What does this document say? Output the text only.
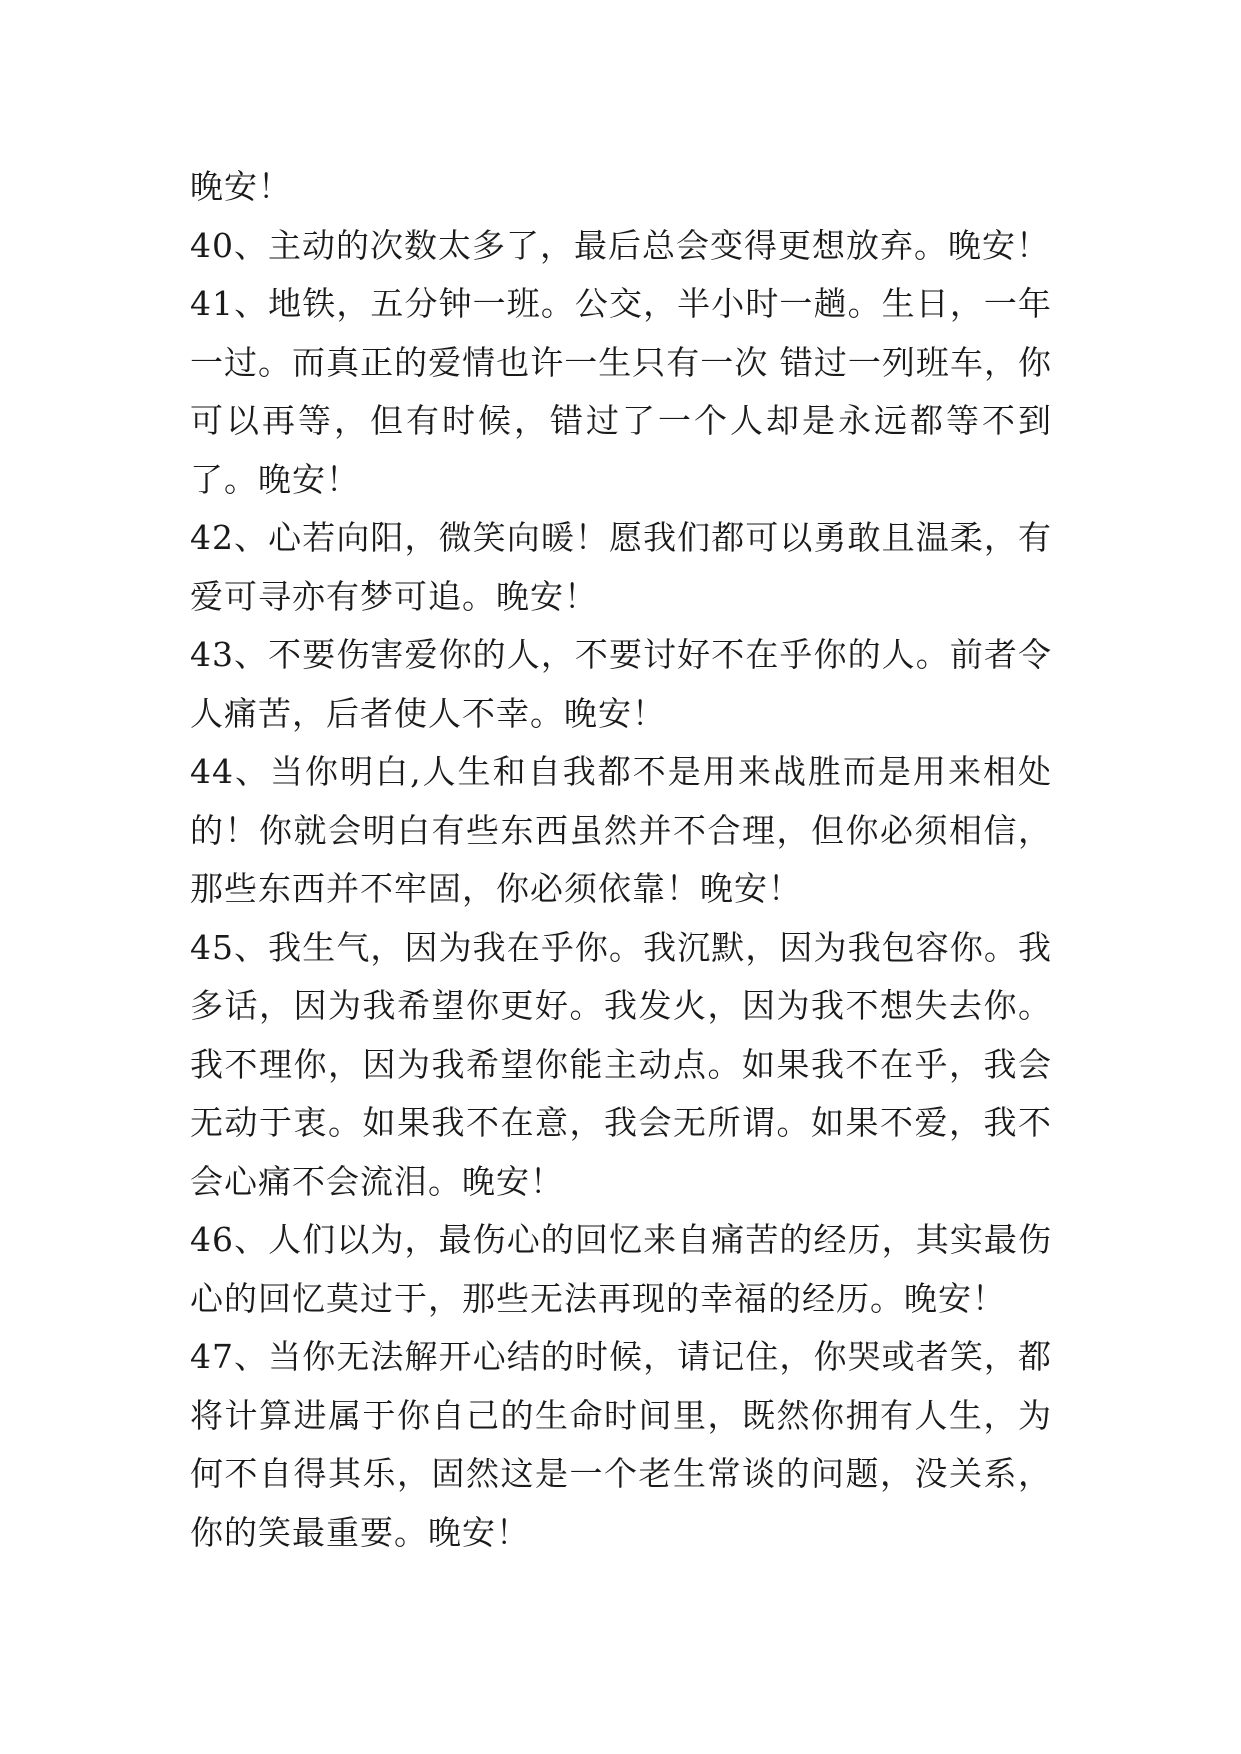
晚安！

40、主动的次数太多了，最后总会变得更想放弃。晚安！

41、地铁，五分钟一班。公交，半小时一趟。生日，一年一过。而真正的爱情也许一生只有一次 错过一列班车，你可以再等，但有时候，错过了一个人却是永远都等不到了。晚安！

42、心若向阳，微笑向暖！愿我们都可以勇敢且温柔，有爱可寻亦有梦可追。晚安！

43、不要伤害爱你的人，不要讨好不在乎你的人。前者令人痛苦，后者使人不幸。晚安！

44、当你明白,人生和自我都不是用来战胜而是用来相处的！你就会明白有些东西虽然并不合理，但你必须相信，那些东西并不牢固，你必须依靠！晚安！

45、我生气，因为我在乎你。我沉默，因为我包容你。我多话，因为我希望你更好。我发火，因为我不想失去你。我不理你，因为我希望你能主动点。如果我不在乎，我会无动于衷。如果我不在意，我会无所谓。如果不爱，我不会心痛不会流泪。晚安！

46、人们以为，最伤心的回忆来自痛苦的经历，其实最伤心的回忆莫过于，那些无法再现的幸福的经历。晚安！

47、当你无法解开心结的时候，请记住，你哭或者笑，都将计算进属于你自己的生命时间里，既然你拥有人生，为何不自得其乐，固然这是一个老生常谈的问题，没关系，你的笑最重要。晚安！
